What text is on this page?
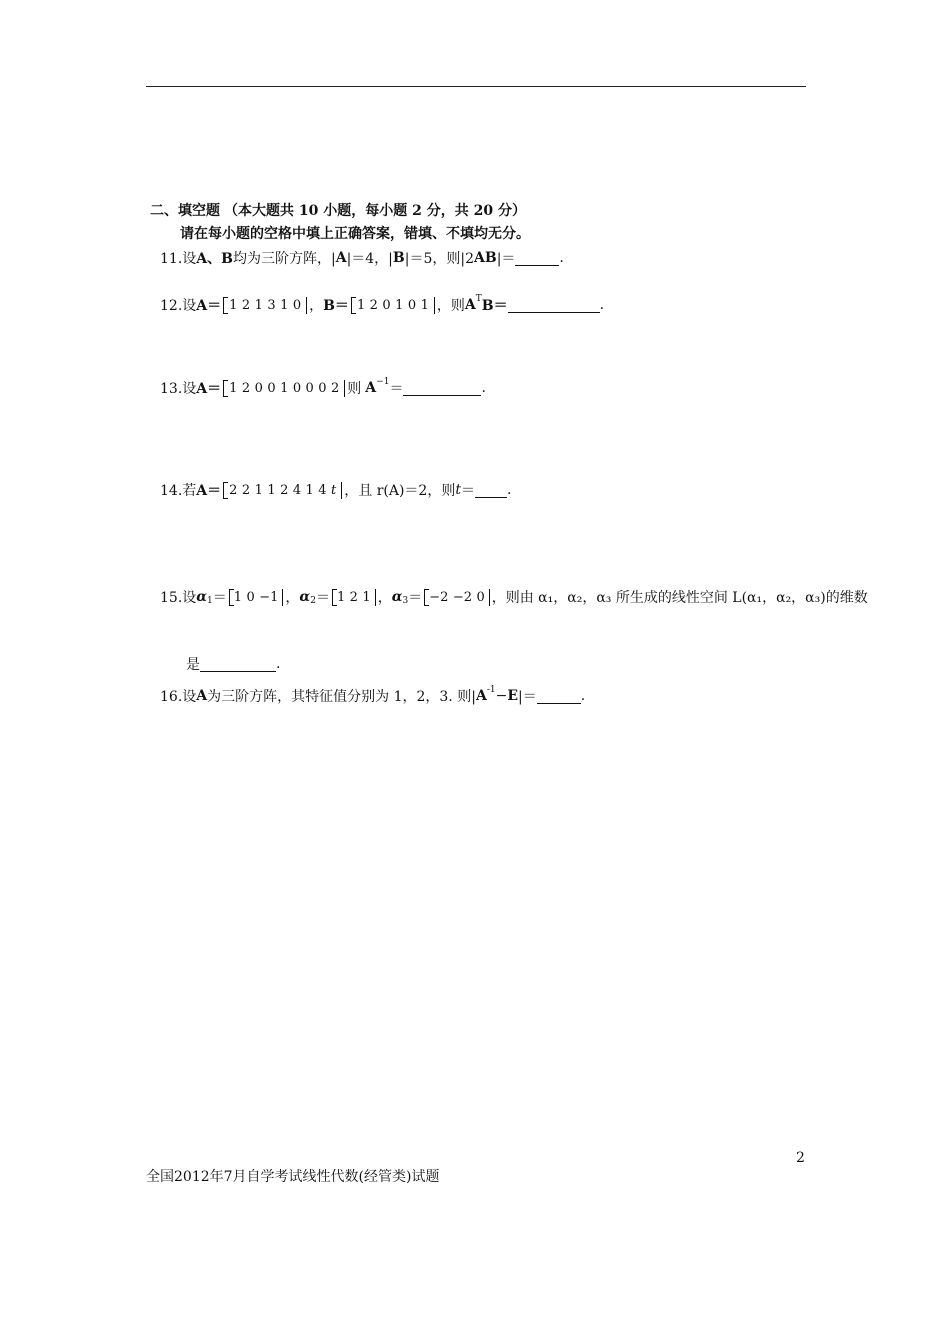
二、填空题 （本大题共 10 小题，每小题 2 分，共 20 分）
请在每小题的空格中填上正确答案，错填、不填均无分。
11.设 A、B 均为三阶方阵，| A |＝4，| B |＝5，则|2 AB |＝	.
12.设 A＝ 1 2 1 3 1 0 ， B＝ 1 2 0 1 0 1 ，则 A T B＝	.
13.设 A＝ 1 2 0 0 1 0 0 0 2 则 A −1 ＝	.
14.若 A＝ 2 2 1 1 2 4 1 4 t ，且 r(A)＝2，则 t ＝ .
15.设 α 1 ＝ 1 0 −1 ， α 2 ＝ 1 2 1 ， α 3 ＝ −2 −2 0 ，则由 α₁，α₂，α₃ 所生成的线性空间 L(α₁，α₂，α₃)的维数
是	.
16.设 A 为三阶方阵，其特征值分别为 1，2，3. 则| A -1 − E |＝	.
2
全国2012年7月自学考试线性代数(经管类)试题
